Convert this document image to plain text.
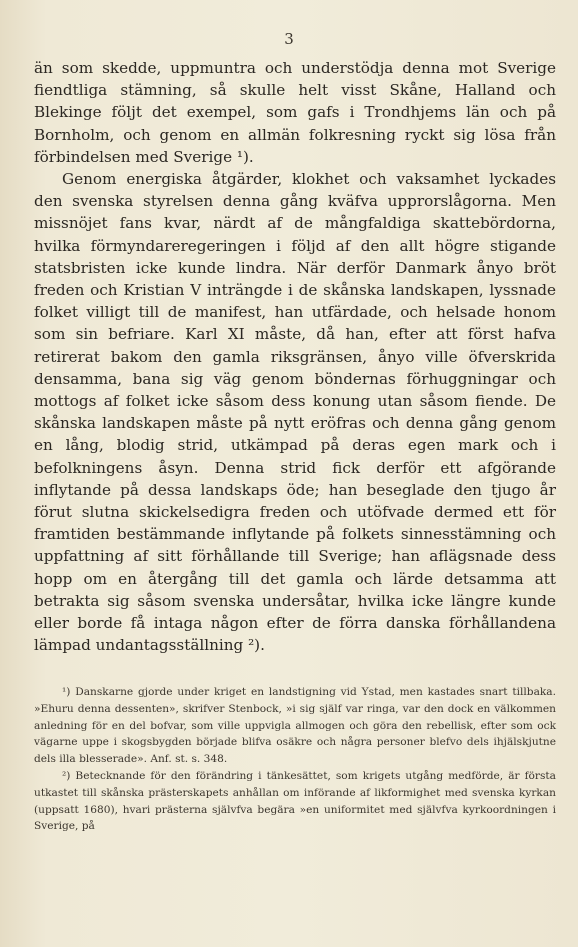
3

än som skedde, uppmuntra och understödja denna mot Sverige fiendtliga stämning, så skulle helt visst Skåne, Halland och Blekinge följt det exempel, som gafs i Trondhjems län och på Bornholm, och genom en allmän folkresning ryckt sig lösa från förbindelsen med Sverige ¹).

Genom energiska åtgärder, klokhet och vaksamhet lyckades den svenska styrelsen denna gång kväfva upprorslågorna. Men missnöjet fans kvar, närdt af de mångfaldiga skattebördorna, hvilka förmyndareregeringen i följd af den allt högre stigande statsbristen icke kunde lindra. När derför Danmark ånyo bröt freden och Kristian V inträngde i de skånska landskapen, lyssnade folket villigt till de manifest, han utfärdade, och helsade honom som sin befriare. Karl XI måste, då han, efter att först hafva retirerat bakom den gamla riksgränsen, ånyo ville öfverskrida densamma, bana sig väg genom böndernas förhuggningar och mottogs af folket icke såsom dess konung utan såsom fiende. De skånska landskapen måste på nytt eröfras och denna gång genom en lång, blodig strid, utkämpad på deras egen mark och i befolkningens åsyn. Denna strid fick derför ett afgörande inflytande på dessa landskaps öde; han beseglade den tjugo år förut slutna skickelsedigra freden och utöfvade dermed ett för framtiden bestämmande inflytande på folkets sinnesstämning och uppfattning af sitt förhållande till Sverige; han aflägsnade dess hopp om en återgång till det gamla och lärde detsamma att betrakta sig såsom svenska undersåtar, hvilka icke längre kunde eller borde få intaga någon efter de förra danska förhållandena lämpad undantagsställning ²).

¹) Danskarne gjorde under kriget en landstigning vid Ystad, men kastades snart tillbaka. »Ehuru denna dessenten», skrifver Stenbock, »i sig själf var ringa, var den dock en välkommen anledning för en del bofvar, som ville uppvigla allmogen och göra den rebellisk, efter som ock vägarne uppe i skogsbygden började blifva osäkre och några personer blefvo dels ihjälskjutne dels illa blesserade». Anf. st. s. 348.

²) Betecknande för den förändring i tänkesättet, som krigets utgång medförde, är första utkastet till skånska prästerskapets anhållan om införande af likformighet med svenska kyrkan (uppsatt 1680), hvari prästerna självfva begära »en uniformitet med självfva kyrkoordningen i Sverige, på
